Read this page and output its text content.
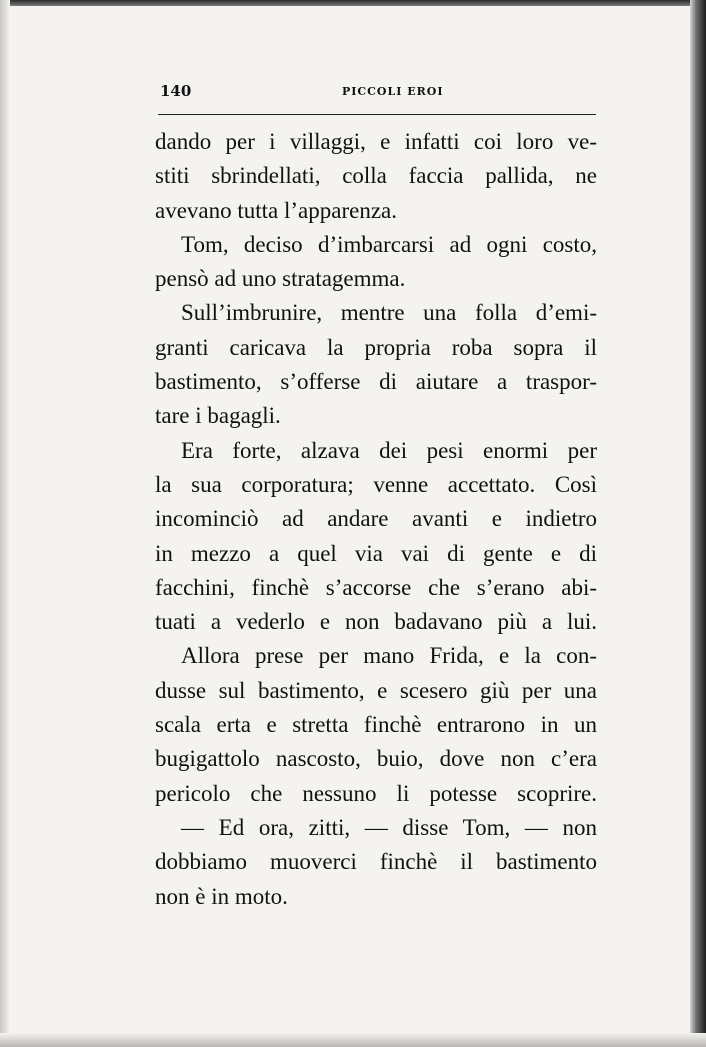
140	PICCOLI EROI
dando per i villaggi, e infatti coi loro ve-
stiti sbrindellati, colla faccia pallida, ne
avevano tutta l’apparenza.
Tom, deciso d’imbarcarsi ad ogni costo,
pensò ad uno stratagemma.
Sull’imbrunire, mentre una folla d’emi-
granti caricava la propria roba sopra il
bastimento, s’offerse di aiutare a traspor-
tare i bagagli.
Era forte, alzava dei pesi enormi per
la sua corporatura; venne accettato. Così
incominciò ad andare avanti e indietro
in mezzo a quel via vai di gente e di
facchini, finchè s’accorse che s’erano abi-
tuati a vederlo e non badavano più a lui.
Allora prese per mano Frida, e la con-
dusse sul bastimento, e scesero giù per una
scala erta e stretta finchè entrarono in un
bugigattolo nascosto, buio, dove non c’era
pericolo che nessuno li potesse scoprire.
— Ed ora, zitti, — disse Tom, — non
dobbiamo muoverci finchè il bastimento
non è in moto.
